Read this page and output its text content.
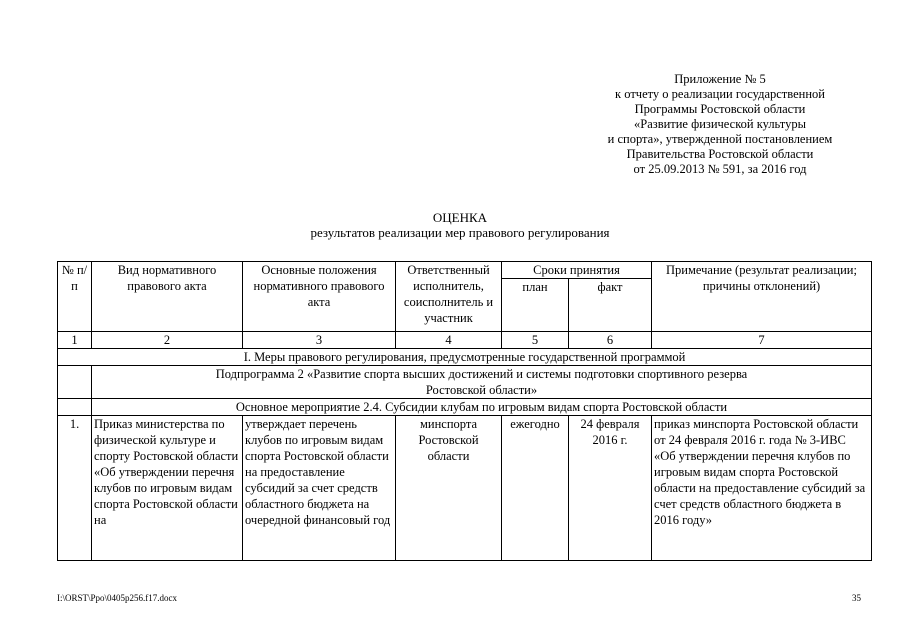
Приложение № 5
к отчету о реализации государственной
Программы Ростовской области
«Развитие физической культуры
и спорта», утвержденной постановлением
Правительства Ростовской области
от 25.09.2013 № 591, за 2016 год
ОЦЕНКА
результатов реализации мер правового регулирования
№ п/п	Вид нормативного правового акта	Основные положения нормативного правового акта	Ответственный исполнитель, соисполнитель и участник	Сроки принятия		Примечание (результат реализации; причины отклонений)
				план	факт	
1	2	3	4	5	6	7
I. Меры правового регулирования, предусмотренные государственной программой						
	Подпрограмма 2 «Развитие спорта высших достижений и системы подготовки спортивного резерва Ростовской области»					
	Основное мероприятие 2.4. Субсидии клубам по игровым видам спорта Ростовской области					
1.	Приказ министерства по физической культуре и спорту Ростовской области «Об утверждении перечня клубов по игровым видам спорта Ростовской области на	утверждает перечень клубов по игровым видам спорта Ростовской области на предоставление субсидий за счет средств областного бюджета на очередной финансовый год	минспорта Ростовской области	ежегодно	24 февраля 2016 г.	приказ минспорта Ростовской области от 24 февраля 2016 г. года № 3-ИВС «Об утверждении перечня клубов по игровым видам спорта Ростовской области на предоставление субсидий за счет средств областного бюджета в 2016 году»
I:\ORST\Ppo\0405p256.f17.docx	35
